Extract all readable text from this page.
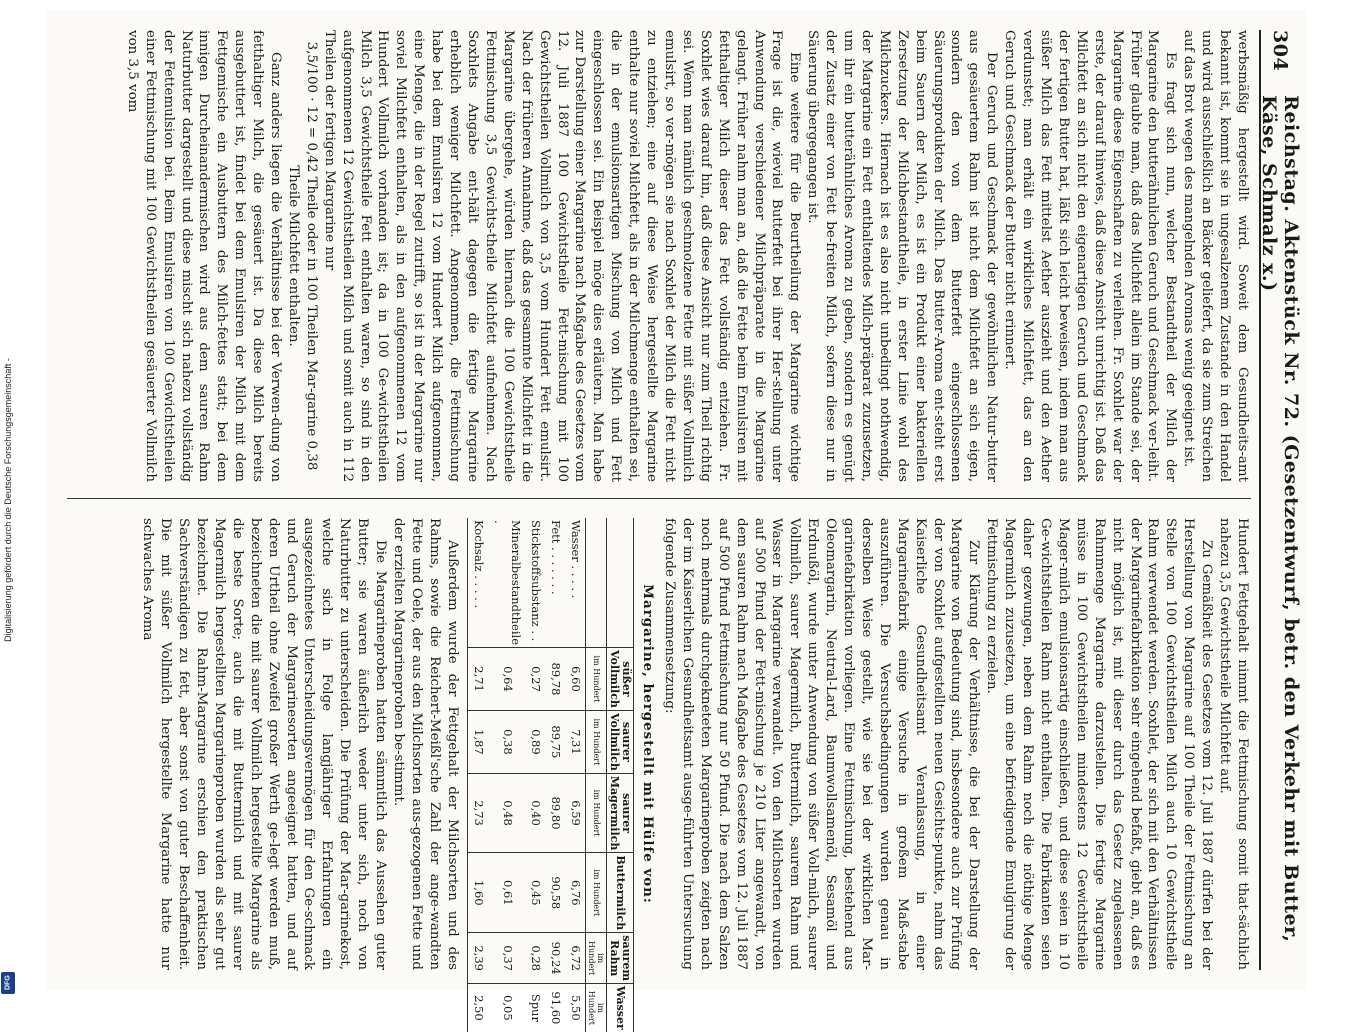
Digitalisierung gefördert durch die Deutsche Forschungsgemeinschaft -
DFG
304
Reichstag. Aktenstück Nr. 72. (Gesetzentwurf, betr. den Verkehr mit Butter, Käse, Schmalz x.)

werbsmäßig hergestellt wird. Soweit dem Gesundheits-amt bekannt ist, kommt sie in ungesalzenem Zustande in den Handel und wird ausschließlich an Bäcker geliefert, da sie zum Streichen auf das Brot wegen des mangelnden Aromas wenig geeignet ist.

Es fragt sich nun, welcher Bestandtheil der Milch der Margarine den butterähnlichen Geruch und Geschmack ver-leiht. Früher glaubte man, daß das Milchfett allein im Stande sei, der Margarine diese Eigenschaften zu verleihen. Fr. Soxhlet war der erste, der darauf hinwies, daß diese Ansicht unrichtig ist. Daß das Milchfett an sich nicht den eigenartigen Geruch und Geschmack der fertigen Butter hat, läßt sich leicht beweisen, indem man aus süßer Milch das Fett mittelst Aether auszieht und den Aether verdunstet; man erhält ein wirkliches Milchfett, das an den Geruch und Geschmack der Butter nicht erinnert.

Der Geruch und Geschmack der gewöhnlichen Natur-butter aus gesäuertem Rahm ist nicht dem Milchfett an sich eigen, sondern den von dem Butterfett eingeschlossenen Säuerungsprodukten der Milch. Das Butter-Aroma ent-steht erst beim Sauern der Milch, es ist ein Produkt einer bakteriellen Zersetzung der Milchbestandtheile, in erster Linie wohl des Milchzuckers. Hiernach ist es also nicht unbedingt nothwendig, der Margarine ein Fett enthaltendes Milch-präparat zuzusetzen, um ihr ein butterähnliches Aroma zu geben, sondern es genügt der Zusatz einer von Fett be-freiten Milch, sofern diese nur in Säuerung übergegangen ist.

Eine weitere für die Beurtheilung der Margarine wichtige Frage ist die, wieviel Butterfett bei ihrer Her-stellung unter Anwendung verschiedener Milchpräparate in die Margarine gelangt. Früher nahm man an, daß die Fette beim Emulsiren mit fetthaltiger Milch dieser das Fett vollständig entziehen. Fr. Soxhlet wies darauf hin, daß diese Ansicht nur zum Theil richtig sei. Wenn man nämlich geschmolzene Fette mit süßer Vollmilch emulsirt, so ver-mögen sie nach Soxhlet der Milch die Fett nicht zu entziehen; eine auf diese Weise hergestellte Margarine enthalte nur soviel Milchfett, als in der Milchmenge enthalten sei, die in der emulsionsartigen Mischung von Milch und Fett eingeschlossen sei. Ein Beispiel möge dies erläutern. Man habe zur Darstellung einer Margarine nach Maßgabe des Gesetzes vom 12. Juli 1887 100 Gewichtstheile Fett-mischung mit 100 Gewichtstheilen Vollmilch von 3,5 vom Hundert Fett emulsirt. Nach der früheren Annahme, daß das gesammte Milchfett in die Margarine übergehe, würden hiernach die 100 Gewichtstheile Fettmischung 3,5 Gewichts-theile Milchfett aufnehmen. Nach Soxhlets Angabe ent-hält dagegen die fertige Margarine erheblich weniger Milchfett. Angenommen, die Fettmischung habe bei dem Emulsiren 12 vom Hundert Milch aufgenommen, eine Menge, die in der Regel zutrifft, so ist in der Margarine nur soviel Milchfett enthalten, als in den aufgenommenen 12 vom Hundert Vollmilch vorhanden ist; da in 100 Ge-wichtstheilen Milch 3,5 Gewichtstheile Fett enthalten waren, so sind in den aufgenommenen 12 Gewichtstheilen Milch und somit auch in 112 Theilen der fertigen Margarine nur

3,5/100 · 12 = 0,42 Theile oder in 100 Theilen Mar-garine 0,38 Theile Milchfett enthalten.

Ganz anders liegen die Verhältnisse bei der Verwen-dung von fetthaltiger Milch, die gesäuert ist. Da diese Milch bereits ausgebuttert ist, findet bei dem Emulsiren der Milch mit dem Fettgemische ein Ausbuttern des Milch-fettes statt; bei dem innigen Durcheinandermischen wird aus dem sauren Rahm Naturbutter dargestellt und diese mischt sich nahezu vollständig der Fettemulsion bei. Beim Emulsiren von 100 Gewichtstheilen einer Fettmischung mit 100 Gewichtstheilen gesäuerter Vollmilch von 3,5 vom

Hundert Fettgehalt nimmt die Fettmischung somit that-sächlich nahezu 3,5 Gewichtstheile Milchfett auf.

Zu Gemäßheit des Gesetzes vom 12. Juli 1887 dürfen bei der Herstellung von Margarine auf 100 Theile der Fettmischung an Stelle von 100 Gewichtstheilen Milch auch 10 Gewichtstheile Rahm verwendet werden. Soxhlet, der sich mit den Verhältnissen der Margarinefabrikation sehr eingehend befaßt, giebt an, daß es nicht möglich ist, mit dieser durch das Gesetz zugelassenen Rahmmenge Margarine darzustellen. Die fertige Margarine müsse in 100 Gewichtstheilen mindestens 12 Gewichtstheile Mager-milch emulsionsartig einschließen, und diese seien in 10 Ge-wichtstheilen Rahm nicht enthalten. Die Fabrikanten seien daher gezwungen, neben dem Rahm noch die nöthige Menge Magermilch zuzusetzen, um eine befriedigende Emulgirung der Fettmischung zu erzielen.

Zur Klärung der Verhältnisse, die bei der Darstellung der Margarine von Bedeutung sind, insbesondere auch zur Prüfung der von Soxhlet aufgestellten neuen Gesichts-punkte, nahm das Kaiserliche Gesundheitsamt Veranlassung, in einer Margarinefabrik einige Versuche in großem Maß-stabe auszuführen. Die Versuchsbedingungen wurden genau in derselben Weise gestellt, wie sie bei der wirklichen Mar-garinefabrikation vorliegen. Eine Fettmischung, bestehend aus Oleomargarin, Neutral-Lard, Baumwollsamenöl, Sesamöl und Erdnußöl, wurde unter Anwendung von süßer Voll-milch, saurer Vollmilch, saurer Magermilch, Buttermilch, saurem Rahm und Wasser in Margarine verwandelt. Von den Milchsorten wurden auf 500 Pfund der Fett-mischung je 210 Liter angewandt, von dem sauren Rahm nach Maßgabe des Gesetzes vom 12. Juli 1887 auf 500 Pfund Fettmischung nur 50 Pfund. Die nach dem Salzen noch mehrmals durchgekneteten Margarineproben zeigten nach der im Kaiserlichen Gesundheitsamt ausge-führten Untersuchung folgende Zusammensetzung:

Margarine, hergestellt mit Hülfe von:
	süßer Vollmilch	saurer Vollmilch	saurer Magermilch	Buttermilch	saurem Rahm	Wasser
	im Hundert	im Hundert	im Hundert	im Hundert	im Hundert	im Hundert
Wasser . . . . .	6,60	7,31	6,59	6,76	6,72	5,50
Fett . . . . . . .	89,78	89,75	89,80	90,58	90,24	91,60
Stickstoffsubstanz . .	0,27	0,89	0,40	0,45	0,28	Spur
Mineralbestandtheile .	0,64	0,38	0,48	0,61	0,37	0,05
Kochsalz . . . . .	2,71	1,87	2,73	1,60	2,39	2,50

Außerdem wurde der Fettgehalt der Milchsorten und des Rahms, sowie die Reichert-Meißl'sche Zahl der ange-wandten Fette und Oele, der aus den Milchsorten aus-gezogenen Fette und der erzielten Margarineproben be-stimmt.

Die Margarineproben hatten sämmtlich das Aussehen guter Butter; sie waren äußerlich weder unter sich, noch von Naturbutter zu unterscheiden. Die Prüfung der Mar-garinekost, welche sich in Folge langjähriger Erfahrungen ein ausgezeichnetes Unterscheidungsvermögen für den Ge-schmack und Geruch der Margarinesorten angeeignet hatten, und auf deren Urtheil ohne Zweifel großer Werth ge-legt werden muß, bezeichneten die mit saurer Vollmilch hergestellte Margarine als die beste Sorte; auch die mit Buttermilch und mit saurer Magermilch hergestellten Margarineproben wurden als sehr gut bezeichnet. Die Rahm-Margarine erschien den praktischen Sachverständigen zu fett, aber sonst von guter Beschaffenheit. Die mit süßer Vollmilch hergestellte Margarine hatte nur schwaches Aroma
